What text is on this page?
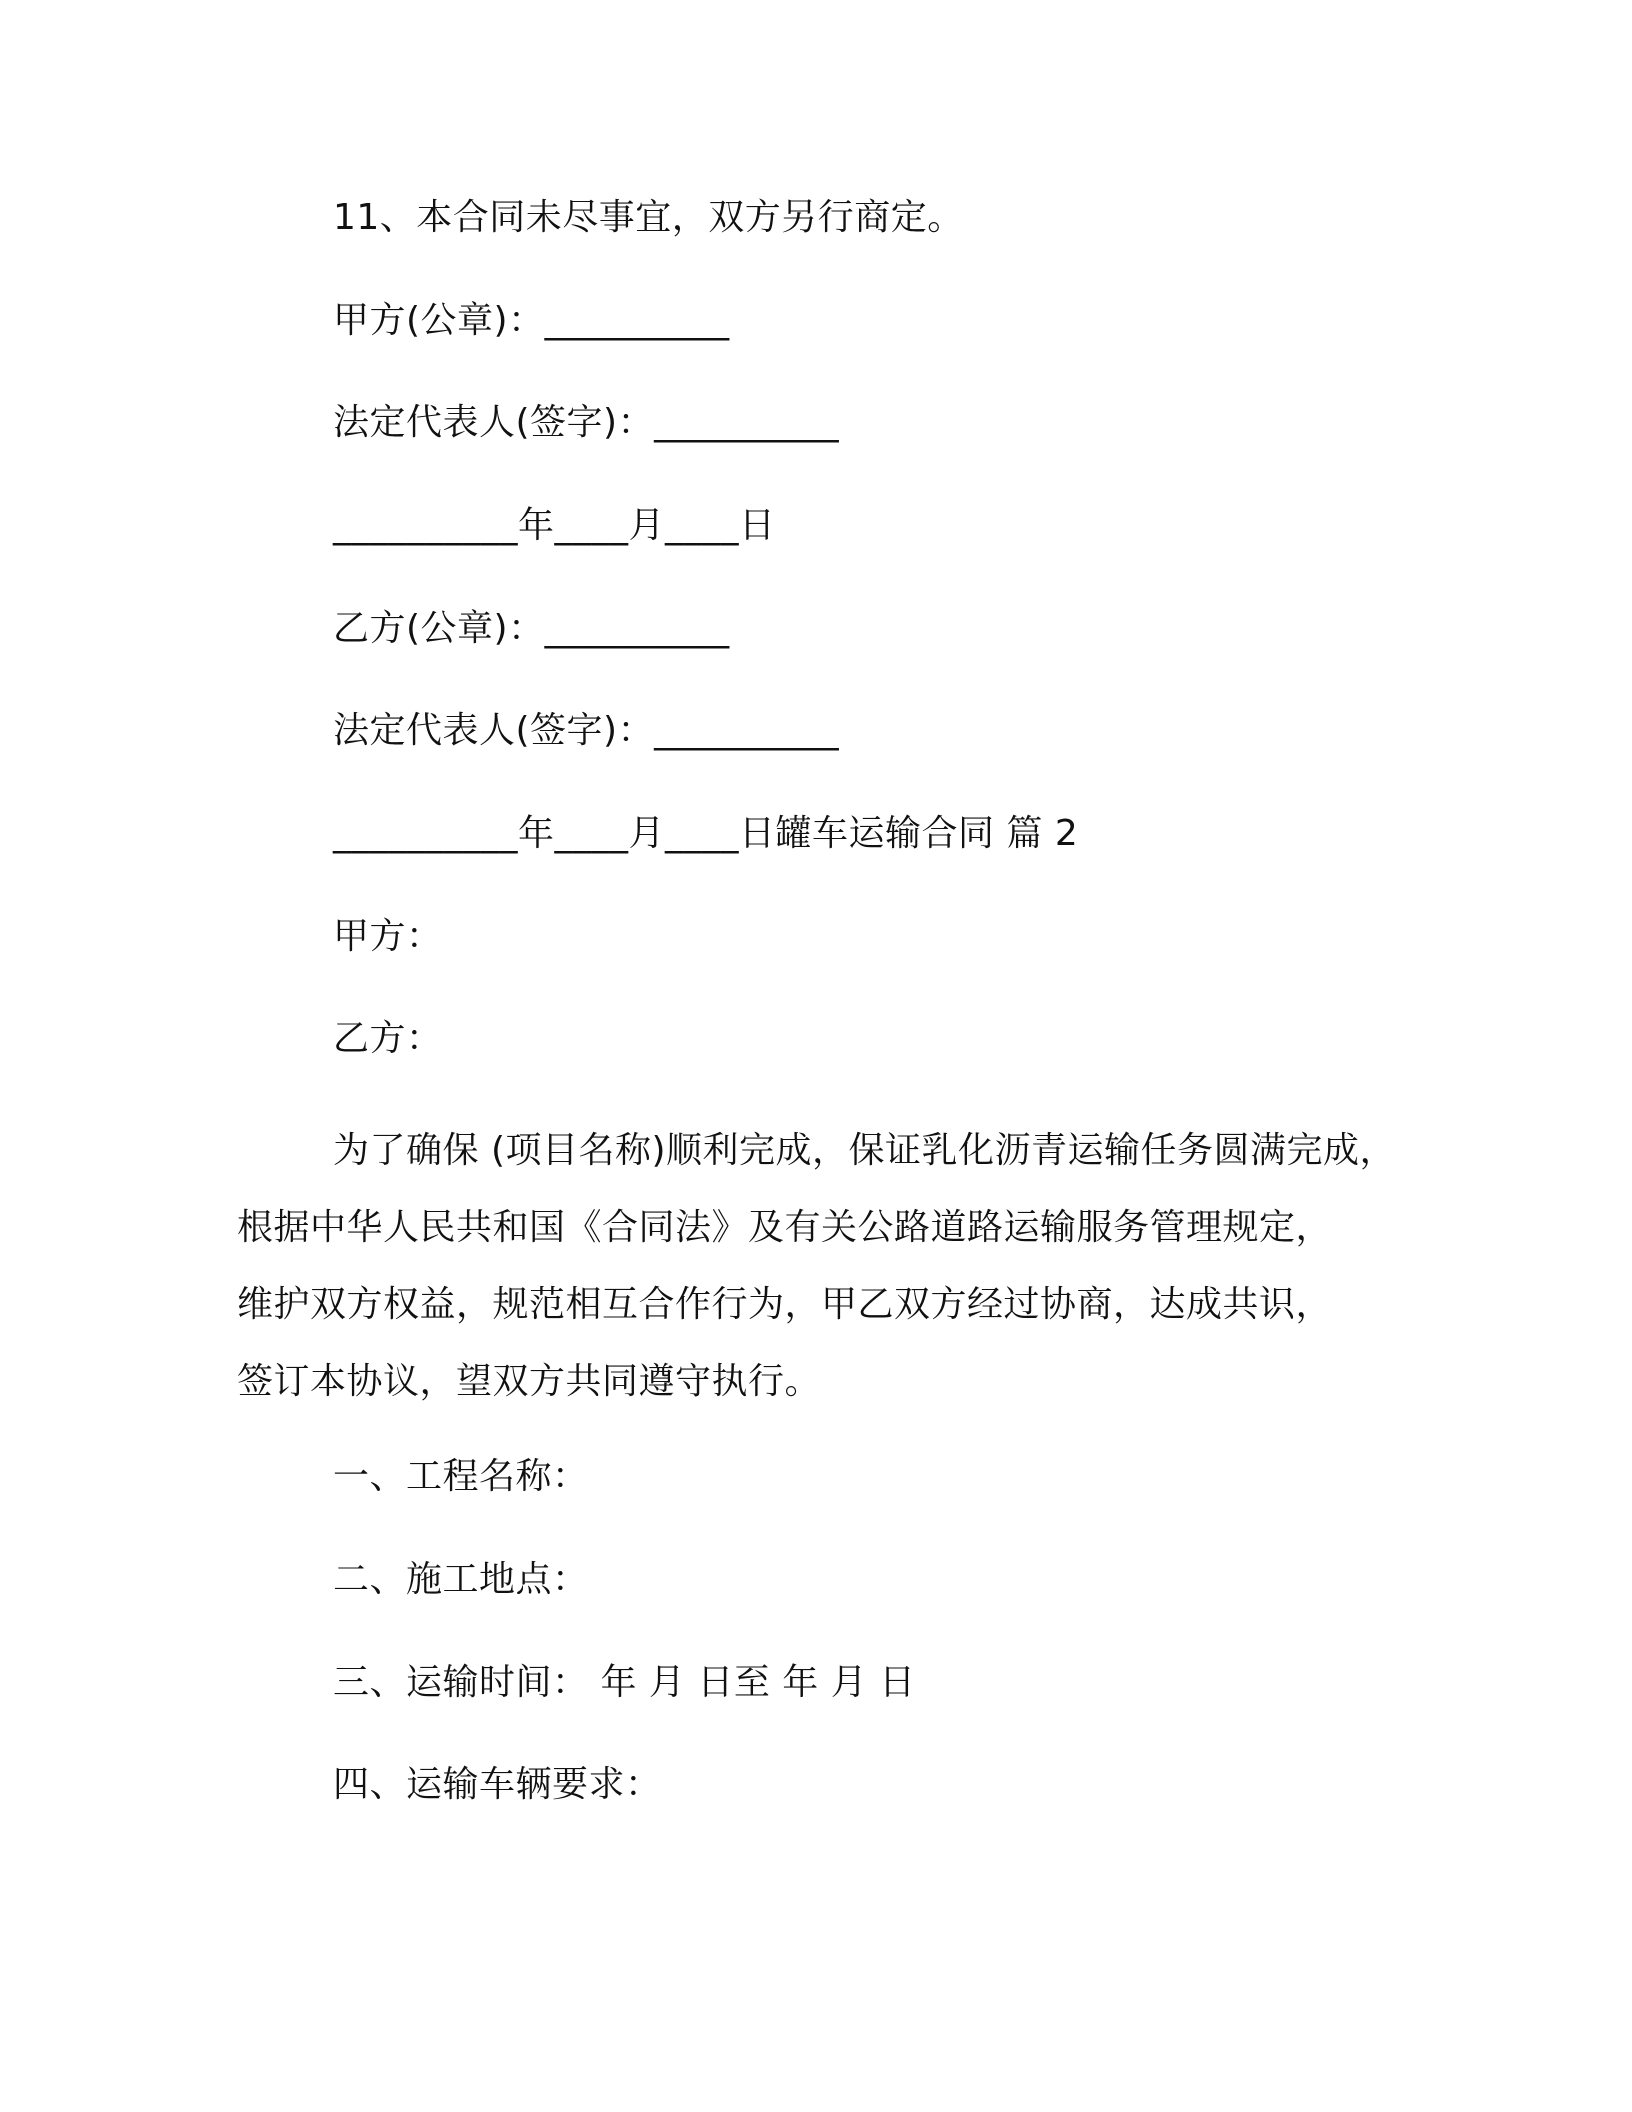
11、本合同未尽事宜，双方另行商定。
甲方(公章)：__________
法定代表人(签字)：__________
__________年____月____日
乙方(公章)：__________
法定代表人(签字)：__________
__________年____月____日罐车运输合同 篇 2
甲方：
乙方：
为了确保 (项目名称)顺利完成，保证乳化沥青运输任务圆满完成，
根据中华人民共和国《合同法》及有关公路道路运输服务管理规定，
维护双方权益，规范相互合作行为，甲乙双方经过协商，达成共识，
签订本协议，望双方共同遵守执行。
一、工程名称：
二、施工地点：
三、运输时间： 年 月 日至 年 月 日
四、运输车辆要求：
